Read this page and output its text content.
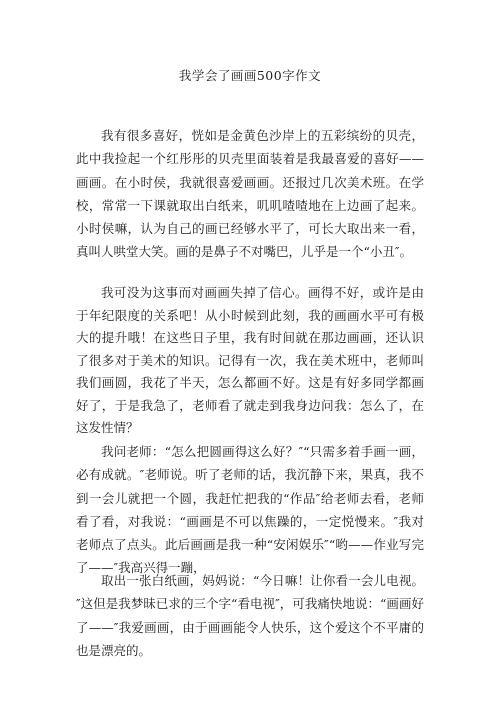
我学会了画画500字作文

我有很多喜好，恍如是金黄色沙岸上的五彩缤纷的贝壳，此中我捡起一个红彤彤的贝壳里面装着是我最喜爱的喜好——画画。在小时侯，我就很喜爱画画。还报过几次美术班。在学校，常常一下课就取出白纸来，叽叽喳喳地在上边画了起来。小时侯嘛，认为自己的画已经够水平了，可长大取出来一看，真叫人哄堂大笑。画的是鼻子不对嘴巴，儿乎是一个“小丑″。

我可没为这事而对画画失掉了信心。画得不好，或许是由于年纪限度的关系吧！从小时候到此刻，我的画画水平可有极大的提升哦！在这些日子里，我有时间就在那边画画，还认识了很多对于美术的知识。记得有一次，我在美术班中，老师叫我们画圆，我花了半天，怎么都画不好。这是有好多同学都画好了，于是我急了，老师看了就走到我身边问我：怎么了，在这发性情？

我问老师：“怎么把圆画得这么好？″“只需多着手画一画，必有成就。″老师说。听了老师的话，我沉静下来，果真，我不到一会儿就把一个圆，我赶忙把我的“作品″给老师去看，老师看了看，对我说：“画画是不可以焦躁的，一定悦慢来。″我对老师点了点头。此后画画是我一种“安闲娱乐″“哟——作业写完了——″我高兴得一蹦，

取出一张白纸画，妈妈说：“今日嘛！让你看一会儿电视。″这但是我梦昧已求的三个字“看电视″，可我痛快地说：“画画好了——″我爱画画，由于画画能令人快乐，这个爱这个不平庸的也是漂亮的。
